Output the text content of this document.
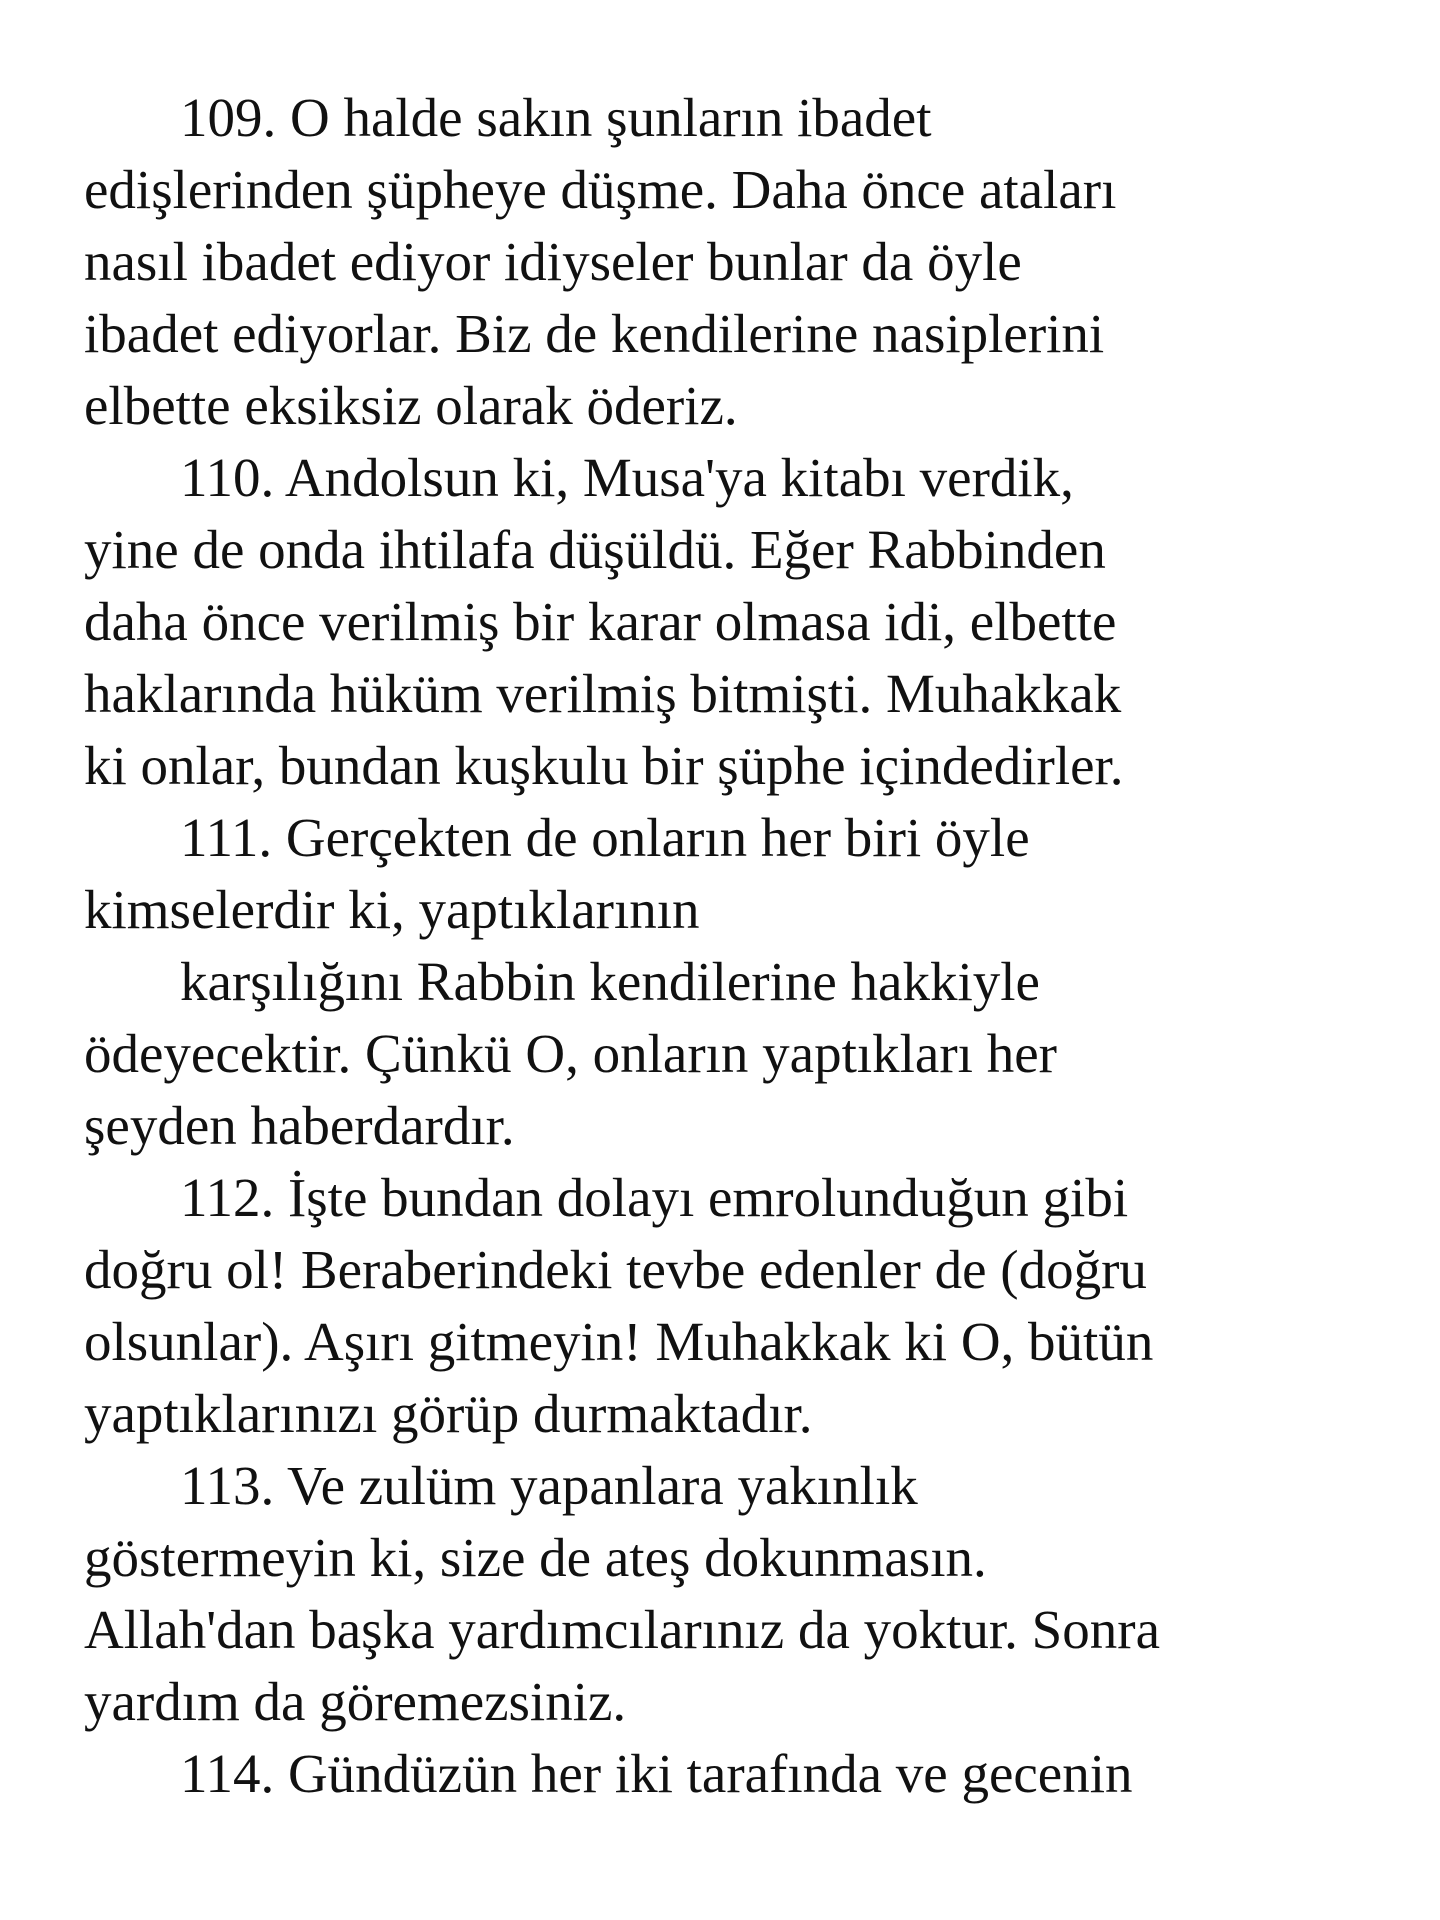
109. O halde sakın şunların ibadet
edişlerinden şüpheye düşme. Daha önce ataları
nasıl ibadet ediyor idiyseler bunlar da öyle
ibadet ediyorlar. Biz de kendilerine nasiplerini
elbette eksiksiz olarak öderiz.
110. Andolsun ki, Musa'ya kitabı verdik,
yine de onda ihtilafa düşüldü. Eğer Rabbinden
daha önce verilmiş bir karar olmasa idi, elbette
haklarında hüküm verilmiş bitmişti. Muhakkak
ki onlar, bundan kuşkulu bir şüphe içindedirler.
111. Gerçekten de onların her biri öyle
kimselerdir ki, yaptıklarının
karşılığını Rabbin kendilerine hakkiyle
ödeyecektir. Çünkü O, onların yaptıkları her
şeyden haberdardır.
112. İşte bundan dolayı emrolunduğun gibi
doğru ol! Beraberindeki tevbe edenler de (doğru
olsunlar). Aşırı gitmeyin! Muhakkak ki O, bütün
yaptıklarınızı görüp durmaktadır.
113. Ve zulüm yapanlara yakınlık
göstermeyin ki, size de ateş dokunmasın.
Allah'dan başka yardımcılarınız da yoktur. Sonra
yardım da göremezsiniz.
114. Gündüzün her iki tarafında ve gecenin
